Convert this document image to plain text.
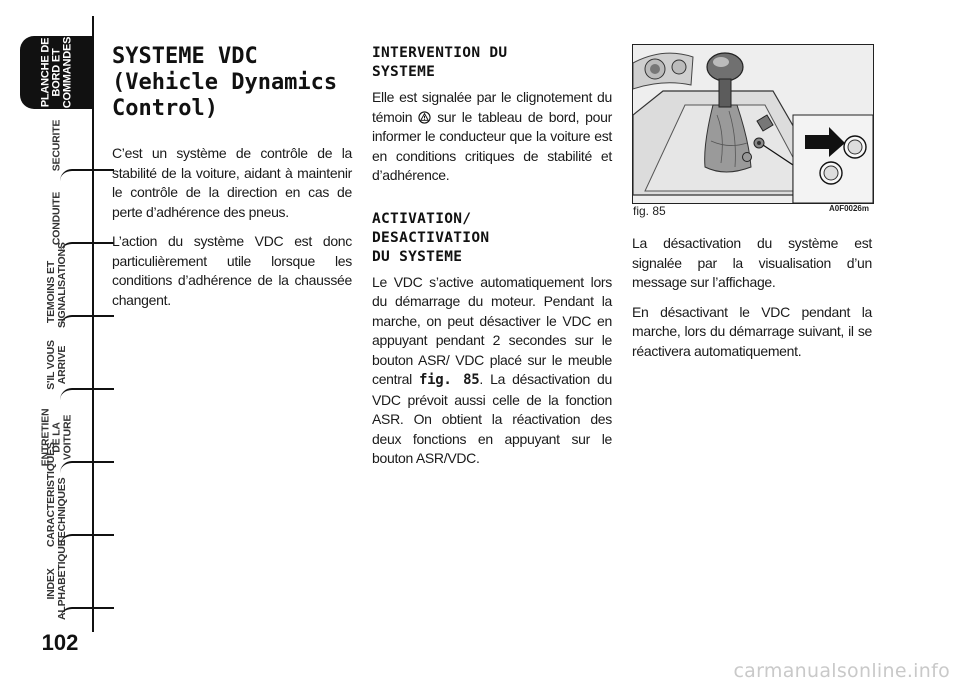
PLANCHE DE
BORD ET
COMMANDES
SECURITE
CONDUITE
TEMOINS ET
SIGNALISATIONS
S'IL VOUS
ARRIVE
ENTRETIEN
DE LA VOITURE
CARACTERISTIQUES
TECHNIQUES
INDEX
ALPHABETIQUE
102
SYSTEME VDC
(Vehicle Dynamics
Control)

C’est un système de contrôle de la stabilité de la voiture, aidant à maintenir le contrôle de la direction en cas de perte d’adhérence des pneus.

L’action du système VDC est donc particulièrement utile lorsque les conditions d’adhérence de la chaussée changent.

INTERVENTION DU
SYSTEME

Elle est signalée par le clignotement du témoin  sur le tableau de bord, pour informer le conducteur que la voiture est en conditions critiques de stabilité et d’adhérence.

ACTIVATION/
DESACTIVATION
DU SYSTEME

Le VDC s’active automatiquement lors du démarrage du moteur. Pendant la marche, on peut désactiver le VDC en appuyant pendant 2 secondes sur le bouton ASR/ VDC placé sur le meuble central fig. 85. La désactivation du VDC prévoit aussi celle de la fonction ASR. On obtient la réactivation des deux fonctions en appuyant sur le bouton ASR/VDC.

fig. 85	A0F0026m

La désactivation du système est signalée par la visualisation d’un message sur l’affichage.

En désactivant le VDC pendant la marche, lors du démarrage suivant, il se réactivera automatiquement.

carmanualsonline.info
